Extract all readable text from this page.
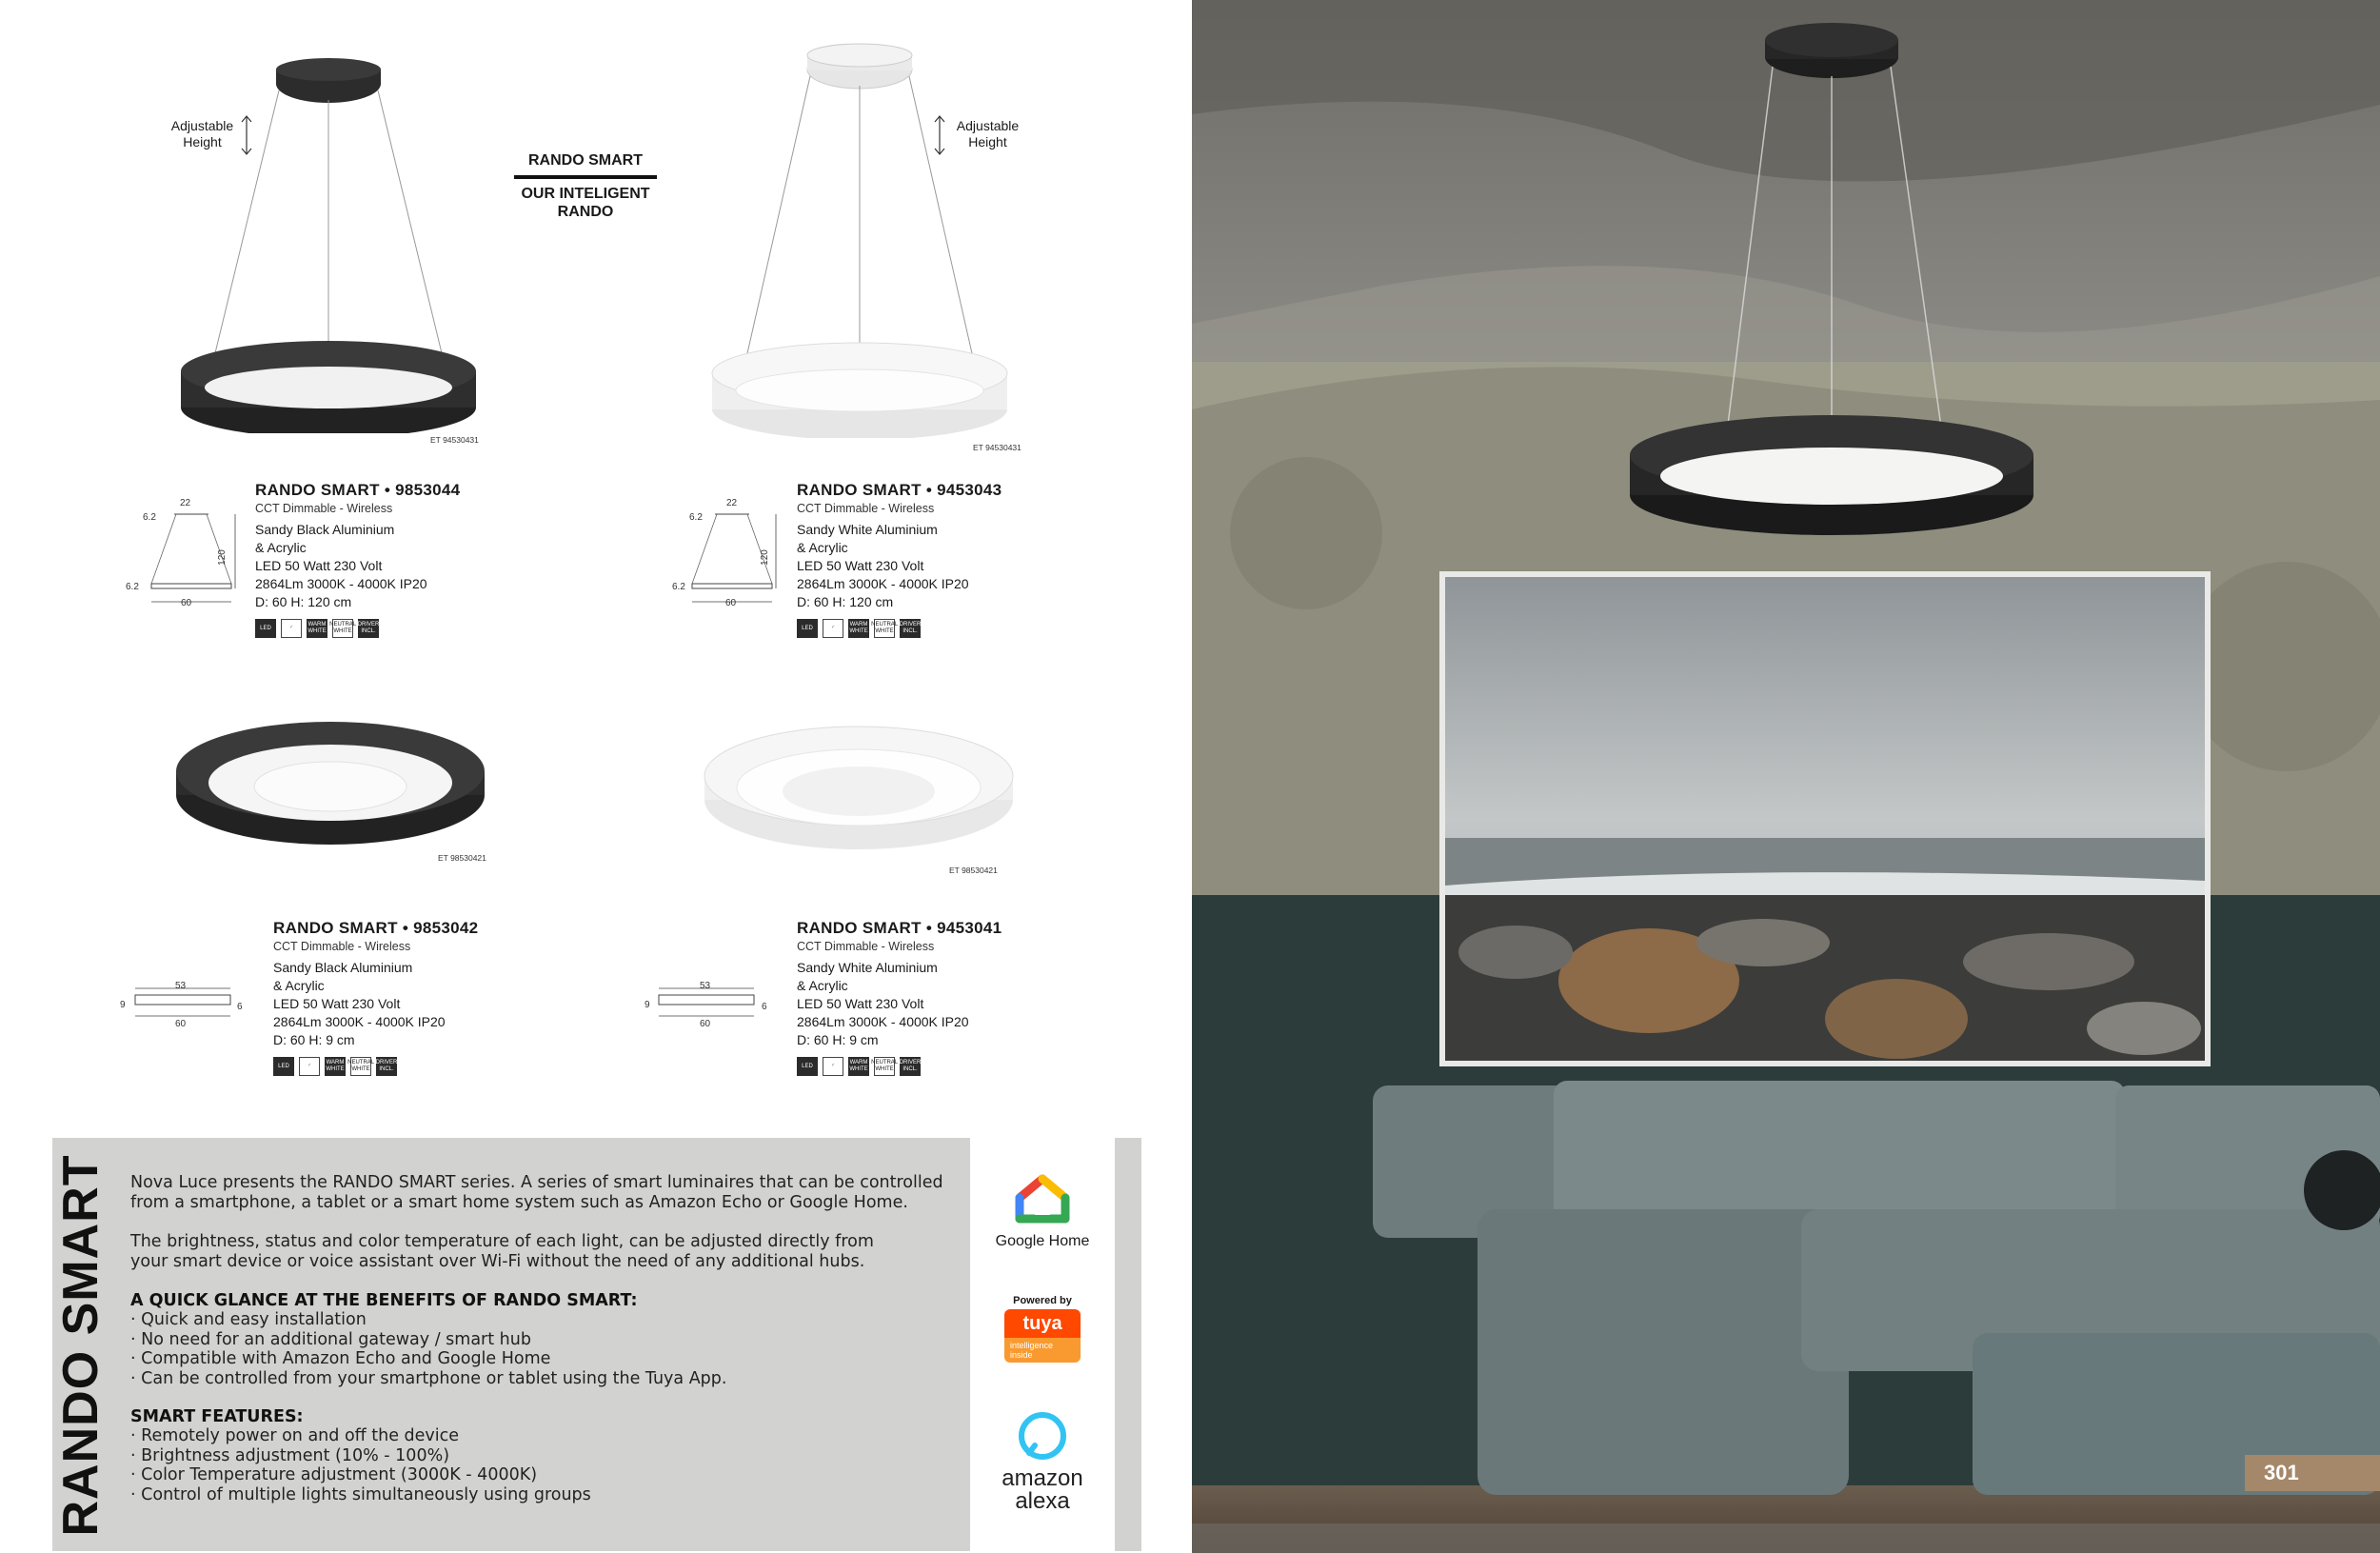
RANDO SMART
OUR INTELIGENT RANDO
Adjustable Height
Adjustable Height
ET 94530431
ET 94530431
RANDO SMART • 9853044
CCT Dimmable - Wireless
Sandy Black Aluminium
& Acrylic
LED 50 Watt 230 Volt
2864Lm 3000K - 4000K IP20
D: 60 H: 120 cm
LED	◜
WARM WHITE
NEUTRAL WHITE
DRIVER INCL.
22
6.2
6.2
120
60
RANDO SMART • 9453043
CCT Dimmable - Wireless
Sandy White Aluminium
& Acrylic
LED 50 Watt 230 Volt
2864Lm 3000K - 4000K IP20
D: 60 H: 120 cm
LED	◜
WARM WHITE
NEUTRAL WHITE
DRIVER INCL.
22
6.2
6.2
120
60
ET 98530421
ET 98530421
RANDO SMART • 9853042
CCT Dimmable - Wireless
Sandy Black Aluminium
& Acrylic
LED 50 Watt 230 Volt
2864Lm 3000K - 4000K IP20
D: 60 H: 9 cm
LED	◜
WARM WHITE
NEUTRAL WHITE
DRIVER INCL.
53
9	6
60
RANDO SMART • 9453041
CCT Dimmable - Wireless
Sandy White Aluminium
& Acrylic
LED 50 Watt 230 Volt
2864Lm 3000K - 4000K IP20
D: 60 H: 9 cm
LED	◜
WARM WHITE
NEUTRAL WHITE
DRIVER INCL.
53
9	6
60
RANDO SMART Nova Luce presents the RANDO SMART series. A series of smart luminaires that can be controlled from a smartphone, a tablet or a smart home system such as Amazon Echo or Google Home.
The brightness, status and color temperature of each light, can be adjusted directly from your smart device or voice assistant over Wi-Fi without the need of any additional hubs.
A QUICK GLANCE AT THE BENEFITS OF RANDO SMART:
· Quick and easy installation
· No need for an additional gateway / smart hub
· Compatible with Amazon Echo and Google Home
· Can be controlled from your smartphone or tablet using the Tuya App.
SMART FEATURES:
· Remotely power on and off the device
· Brightness adjustment (10% - 100%)
· Color Temperature adjustment (3000K - 4000K)
· Control of multiple lights simultaneously using groups
Google Home
Powered by
tuya
intelligence inside
amazon
alexa
301
